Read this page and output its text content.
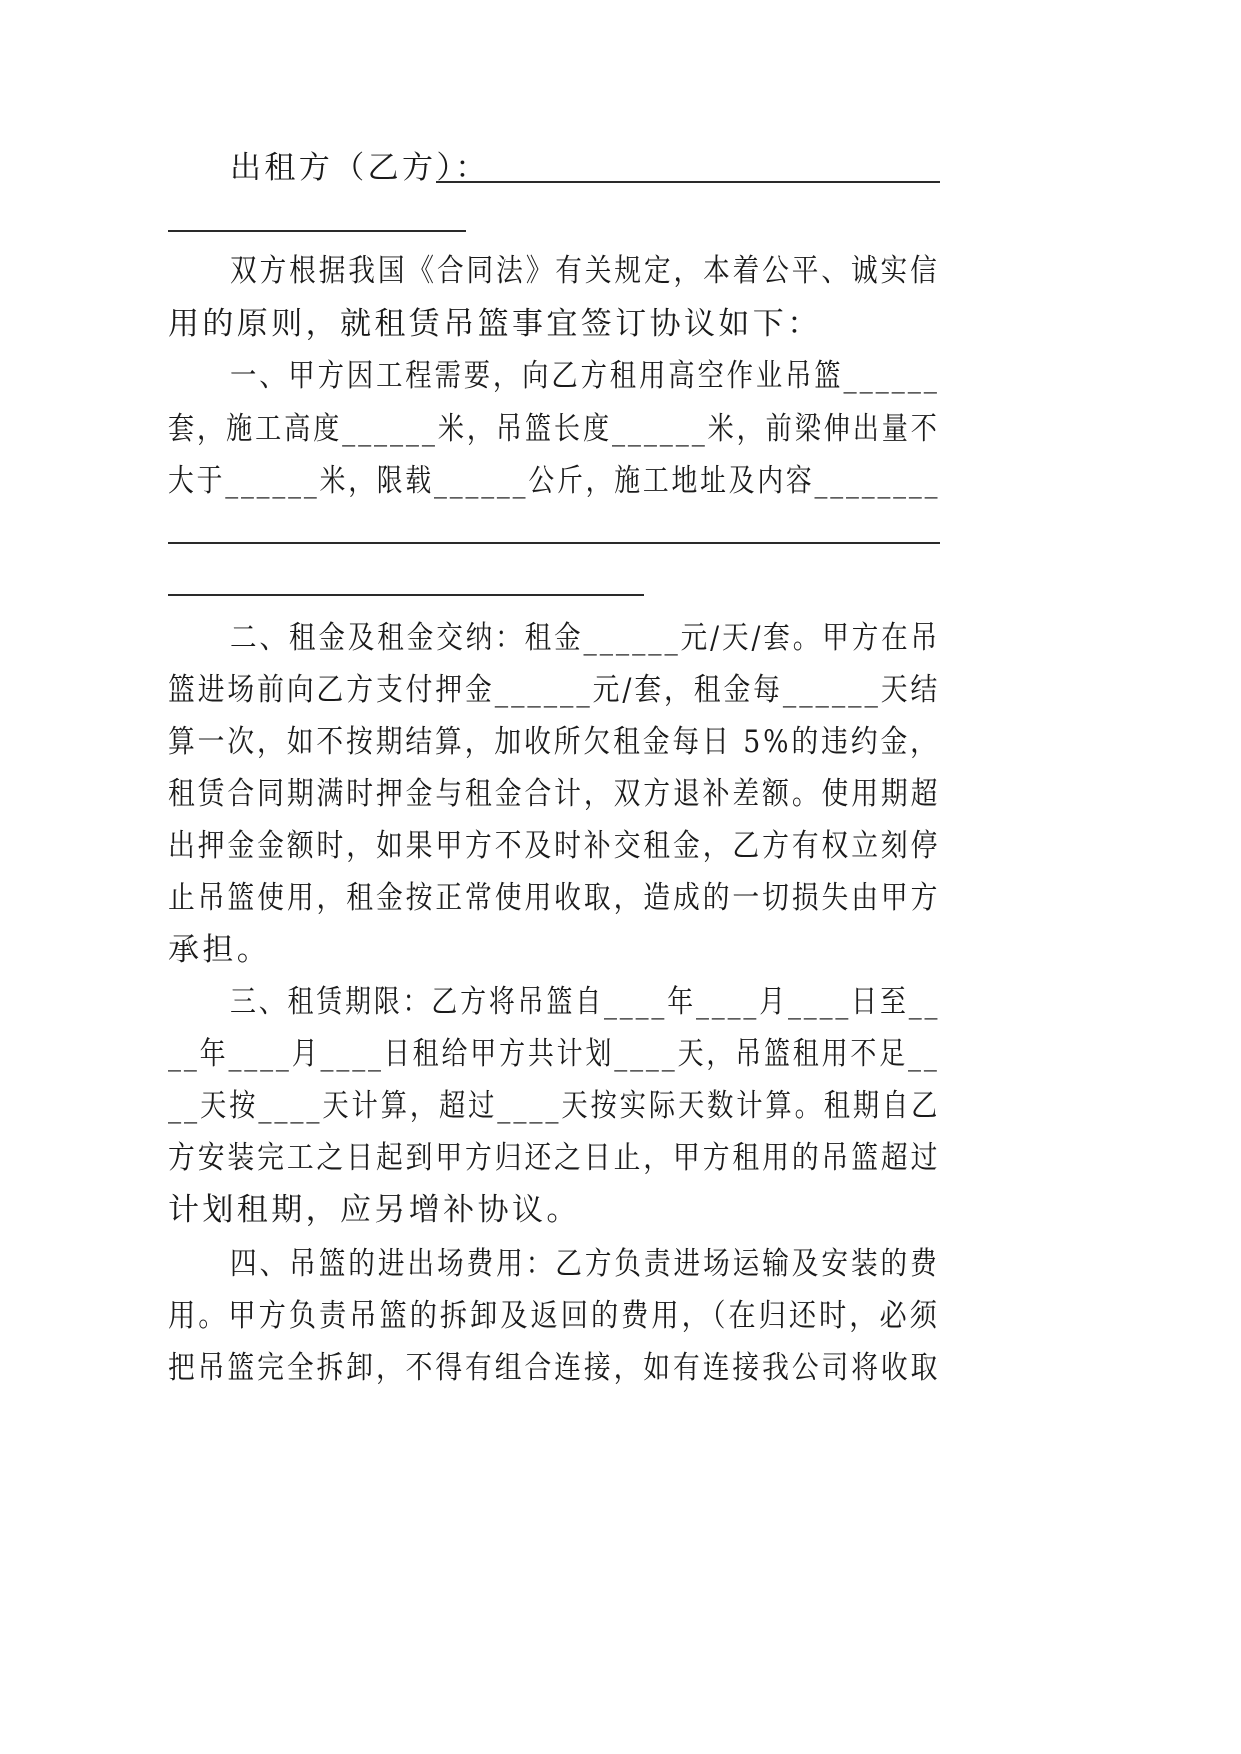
出租方（乙方）：
双方根据我国《合同法》有关规定，本着公平、诚实信
用的原则，就租赁吊篮事宜签订协议如下：
一、甲方因工程需要，向乙方租用高空作业吊篮______
套，施工高度______米，吊篮长度______米，前梁伸出量不
大于______米，限载______公斤，施工地址及内容________
二、租金及租金交纳：租金______元/天/套。甲方在吊
篮进场前向乙方支付押金______元/套，租金每______天结
算一次，如不按期结算，加收所欠租金每日 5%的违约金，
租赁合同期满时押金与租金合计，双方退补差额。使用期超
出押金金额时，如果甲方不及时补交租金，乙方有权立刻停
止吊篮使用，租金按正常使用收取，造成的一切损失由甲方
承担。
三、租赁期限：乙方将吊篮自____年____月____日至__
__年____月____日租给甲方共计划____天，吊篮租用不足__
__天按____天计算，超过____天按实际天数计算。租期自乙
方安装完工之日起到甲方归还之日止，甲方租用的吊篮超过
计划租期，应另增补协议。
四、吊篮的进出场费用：乙方负责进场运输及安装的费
用。甲方负责吊篮的拆卸及返回的费用，（在归还时，必须
把吊篮完全拆卸，不得有组合连接，如有连接我公司将收取
